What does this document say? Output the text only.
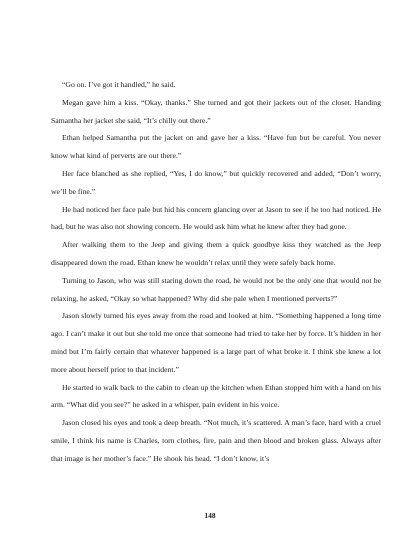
“Go on. I’ve got it handled,” he said.

Megan gave him a kiss. “Okay, thanks.” She turned and got their jackets out of the closet. Handing Samantha her jacket she said, “It’s chilly out there.”

Ethan helped Samantha put the jacket on and gave her a kiss. “Have fun but be careful. You never know what kind of perverts are out there.”

Her face blanched as she replied, “Yes, I do know,” but quickly recovered and added, “Don’t worry, we’ll be fine.”

He had noticed her face pale but hid his concern glancing over at Jason to see if he too had noticed. He had, but he was also not showing concern. He would ask him what he knew after they had gone.

After walking them to the Jeep and giving them a quick goodbye kiss they watched as the Jeep disappeared down the road. Ethan knew he wouldn’t relax until they were safely back home.

Turning to Jason, who was still staring down the road, he would not be the only one that would not be relaxing, he asked, “Okay so what happened? Why did she pale when I mentioned perverts?”

Jason slowly turned his eyes away from the road and looked at him. “Something happened a long time ago. I can’t make it out but she told me once that someone had tried to take her by force. It’s hidden in her mind but I’m fairly certain that whatever happened is a large part of what broke it. I think she knew a lot more about herself prior to that incident.”

He started to walk back to the cabin to clean up the kitchen when Ethan stopped him with a hand on his arm. “What did you see?” he asked in a whisper, pain evident in his voice.

Jason closed his eyes and took a deep breath. “Not much, it’s scattered. A man’s face, hard with a cruel smile, I think his name is Charles, torn clothes, fire, pain and then blood and broken glass. Always after that image is her mother’s face.” He shook his head. “I don’t know, it’s

148
